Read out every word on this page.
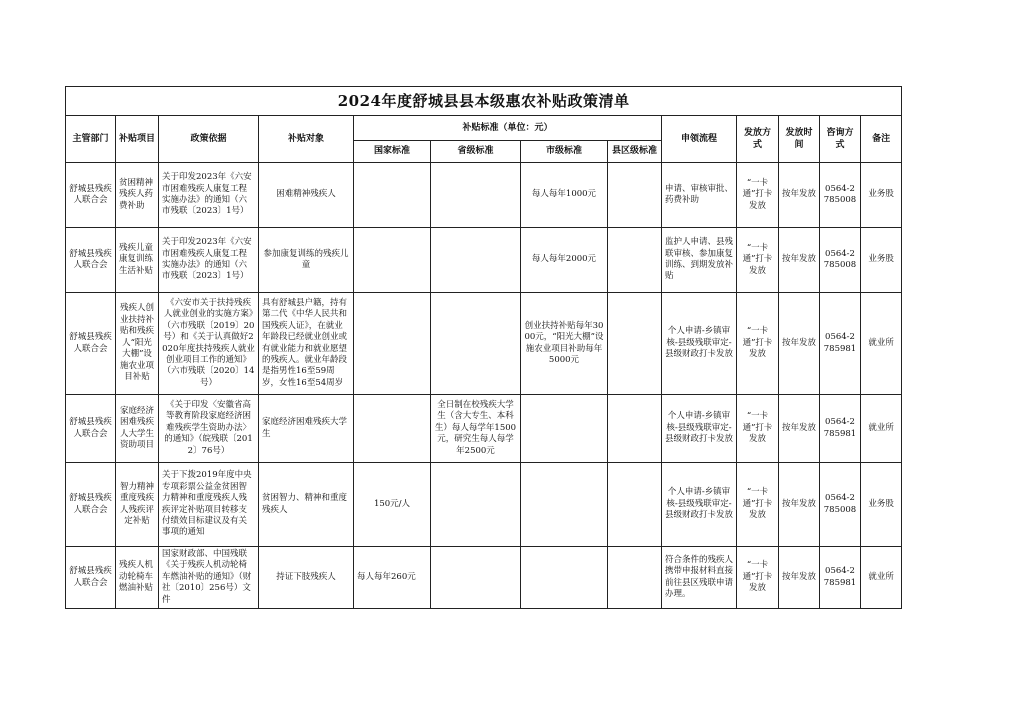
2024年度舒城县县本级惠农补贴政策清单												
主管部门	补贴项目	政策依据	补贴对象	补贴标准（单位：元）				申领流程	发放方式	发放时间	咨询方式	备注
				国家标准	省级标准	市级标准	县区级标准					
舒城县残疾人联合会	贫困精神残疾人药费补助	关于印发2023年《六安市困难残疾人康复工程实施办法》的通知（六市残联〔2023〕1号）	困难精神残疾人			每人每年1000元		申请、审核审批、药费补助	“一卡通”打卡发放	按年发放	0564-2785008	业务股
舒城县残疾人联合会	残疾儿童康复训练生活补贴	关于印发2023年《六安市困难残疾人康复工程实施办法》的通知（六市残联〔2023〕1号）	参加康复训练的残疾儿童			每人每年2000元		监护人申请、县残联审核、参加康复训练、到期发放补贴	“一卡通”打卡发放	按年发放	0564-2785008	业务股
舒城县残疾人联合会	残疾人创业扶持补贴和残疾人“阳光大棚”设施农业项目补贴	《六安市关于扶持残疾人就业创业的实施方案》（六市残联〔2019〕20号）和《关于认真做好2020年度扶持残疾人就业创业项目工作的通知》（六市残联〔2020〕14号）	具有舒城县户籍，持有第二代《中华人民共和国残疾人证》，在就业年龄段已经就业创业或有就业能力和就业愿望的残疾人。就业年龄段是指男性16至59周岁，女性16至54周岁			创业扶持补贴每年3000元，“阳光大棚”设施农业项目补助每年5000元		个人申请-乡镇审核-县级残联审定-县级财政打卡发放	“一卡通”打卡发放	按年发放	0564-2785981	就业所
舒城县残疾人联合会	家庭经济困难残疾人大学生资助项目	《关于印发〈安徽省高等教育阶段家庭经济困难残疾学生资助办法〉的通知》（皖残联〔2012〕76号）	家庭经济困难残疾大学生		全日制在校残疾大学生（含大专生、本科生）每人每学年1500元，研究生每人每学年2500元			个人申请-乡镇审核-县级残联审定-县级财政打卡发放	“一卡通”打卡发放	按年发放	0564-2785981	就业所
舒城县残疾人联合会	智力精神重度残疾人残疾评定补贴	关于下拨2019年度中央专项彩票公益金贫困智力精神和重度残疾人残疾评定补贴项目转移支付绩效目标建议及有关事项的通知	贫困智力、精神和重度残疾人	150元/人				个人申请-乡镇审核-县级残联审定-县级财政打卡发放	“一卡通”打卡发放	按年发放	0564-2785008	业务股
舒城县残疾人联合会	残疾人机动轮椅车燃油补贴	国家财政部、中国残联《关于残疾人机动轮椅车燃油补贴的通知》（财社〔2010〕256号）文件	持证下肢残疾人	每人每年260元				符合条件的残疾人携带申报材料直接前往县区残联申请办理。	“一卡通”打卡发放	按年发放	0564-2785981	就业所
